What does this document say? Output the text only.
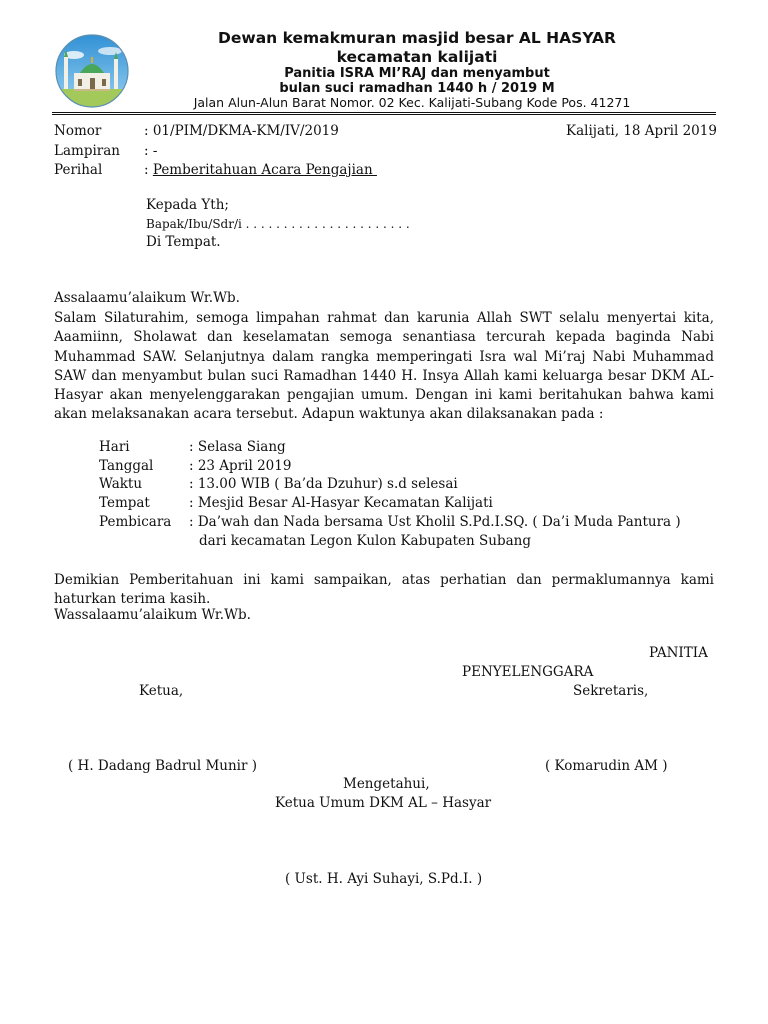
Dewan kemakmuran masjid besar AL HASYAR
kecamatan kalijati
Panitia ISRA MI’RAJ dan menyambut
bulan suci ramadhan 1440 h / 2019 M
Jalan Alun-Alun Barat Nomor. 02 Kec. Kalijati-Subang Kode Pos. 41271
Nomor	: 01/PIM/DKMA-KM/IV/2019	Kalijati, 18 April 2019
Lampiran : -
Perihal	: Pemberitahuan Acara Pengajian
Kepada Yth;
Bapak/Ibu/Sdr/i . . . . . . . . . . . . . . . . . . . . . .
Di Tempat.
Assalaamu’alaikum Wr.Wb.
Salam Silaturahim, semoga limpahan rahmat dan karunia Allah SWT selalu menyertai kita, Aaamiinn, Sholawat dan keselamatan semoga senantiasa tercurah kepada baginda Nabi Muhammad SAW. Selanjutnya dalam rangka memperingati Isra wal Mi’raj Nabi Muhammad SAW dan menyambut bulan suci Ramadhan 1440 H. Insya Allah kami keluarga besar DKM AL-Hasyar akan menyelenggarakan pengajian umum. Dengan ini kami beritahukan bahwa kami akan melaksanakan acara tersebut. Adapun waktunya akan dilaksanakan pada :
Hari	: Selasa Siang
Tanggal	: 23 April 2019
Waktu	: 13.00 WIB ( Ba’da Dzuhur) s.d selesai
Tempat	: Mesjid Besar Al-Hasyar Kecamatan Kalijati
Pembicara : Da’wah dan Nada bersama Ust Kholil S.Pd.I.SQ. ( Da’i Muda Pantura )
dari kecamatan Legon Kulon Kabupaten Subang
Demikian Pemberitahuan ini kami sampaikan, atas perhatian dan permaklumannya kami haturkan terima kasih.
Wassalaamu’alaikum Wr.Wb.
PANITIA
PENYELENGGARA
Ketua,	Sekretaris,
( H. Dadang Badrul Munir )	( Komarudin AM )
Mengetahui,
Ketua Umum DKM AL – Hasyar
( Ust. H. Ayi Suhayi, S.Pd.I. )
